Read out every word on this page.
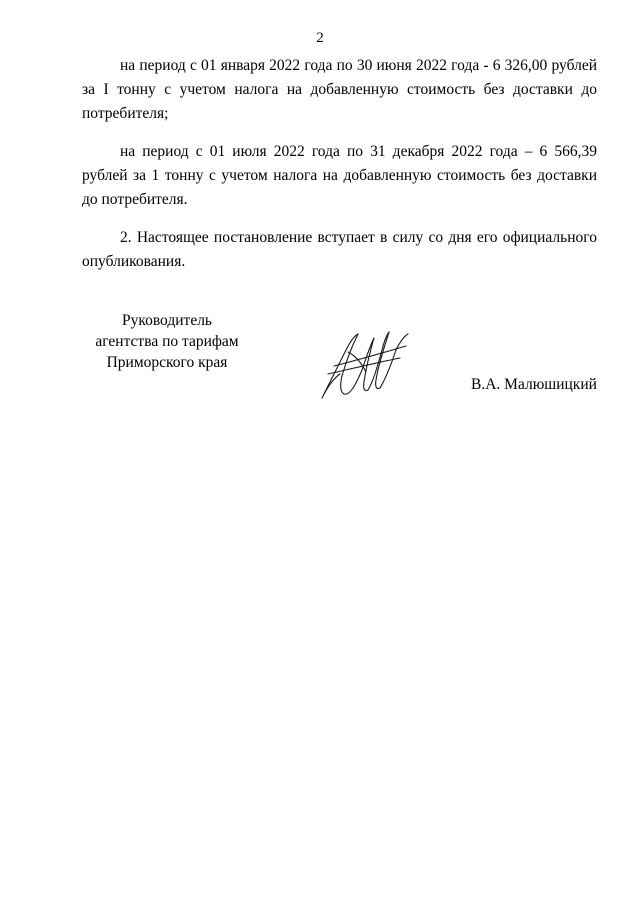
2

на период с 01 января 2022 года по 30 июня 2022 года - 6 326,00 рублей за I тонну с учетом налога на добавленную стоимость без доставки до потребителя;

на период с 01 июля 2022 года по 31 декабря 2022 года – 6 566,39 рублей за 1 тонну с учетом налога на добавленную стоимость без доставки до потребителя.

2. Настоящее постановление вступает в силу со дня его официального опубликования.

Руководитель
агентства по тарифам
Приморского края
В.А. Малюшицкий
